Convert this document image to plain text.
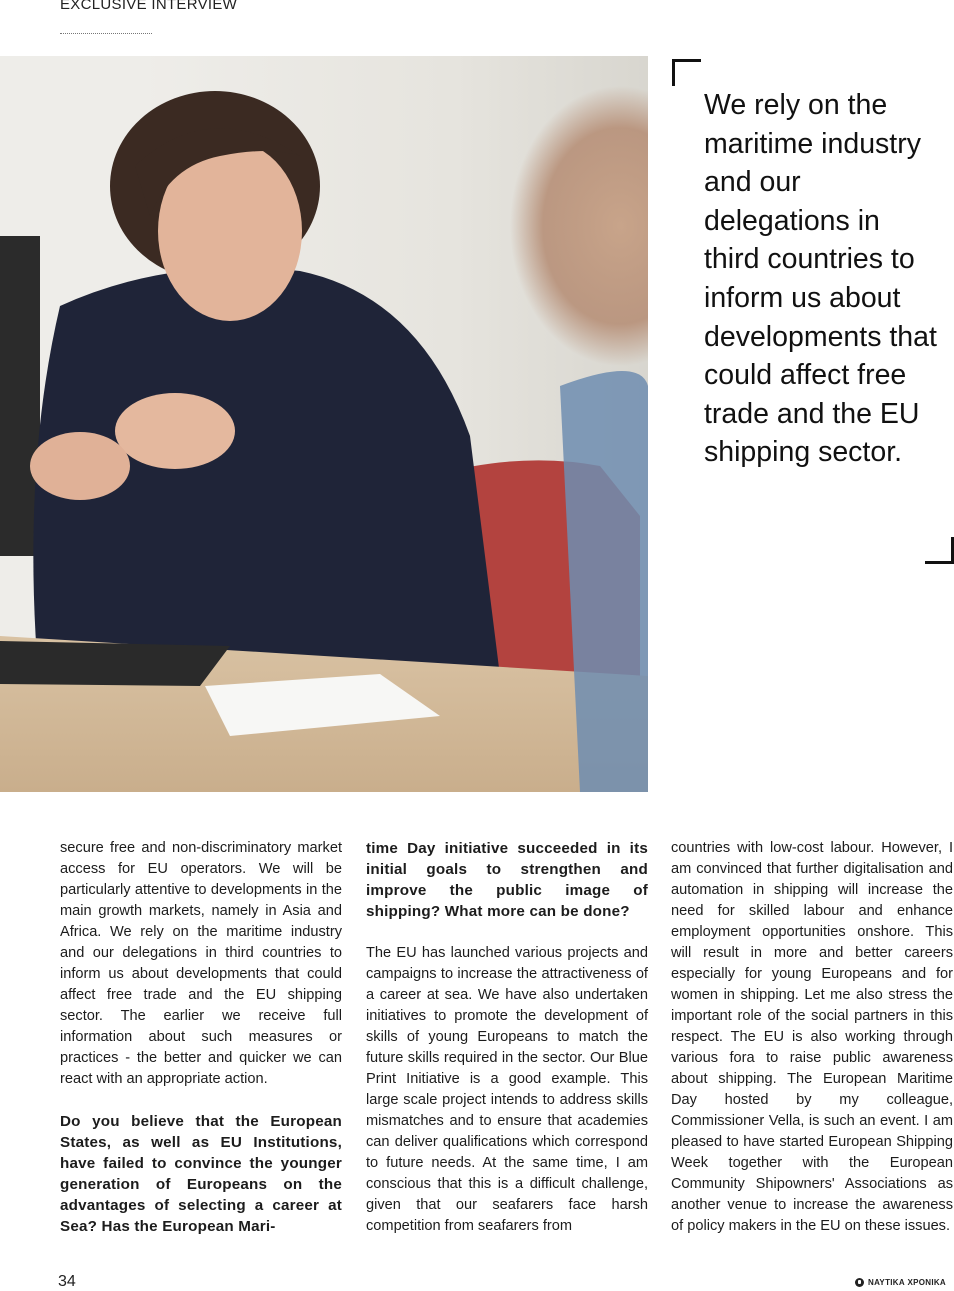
EXCLUSIVE INTERVIEW
We rely on the maritime industry and our delegations in third countries to inform us about developments that could affect free trade and the EU shipping sector.

secure free and non-discriminatory market access for EU operators. We will be particularly attentive to developments in the main growth markets, namely in Asia and Africa. We rely on the maritime industry and our delegations in third countries to inform us about developments that could affect free trade and the EU shipping sector. The earlier we receive full information about such measures or practices - the better and quicker we can react with an appropriate action.

Do you believe that the European States, as well as EU Institutions, have failed to convince the younger generation of Europeans on the advantages of selecting a career at Sea? Has the European Mari-

time Day initiative succeeded in its initial goals to strengthen and improve the public image of shipping? What more can be done?

The EU has launched various projects and campaigns to increase the attractiveness of a career at sea. We have also undertaken initiatives to promote the development of skills of young Europeans to match the future skills required in the sector. Our Blue Print Initiative is a good example. This large scale project intends to address skills mismatches and to ensure that academies can deliver qualifications which correspond to future needs. At the same time, I am conscious that this is a difficult challenge, given that our seafarers face harsh competition from seafarers from

countries with low-cost labour. However, I am convinced that further digitalisation and automation in shipping will increase the need for skilled labour and enhance employment opportunities onshore. This will result in more and better careers especially for young Europeans and for women in shipping. Let me also stress the important role of the social partners in this respect. The EU is also working through various fora to raise public awareness about shipping. The European Maritime Day hosted by my colleague, Commissioner Vella, is such an event. I am pleased to have started European Shipping Week together with the European Community Shipowners' Associations as another venue to increase the awareness of policy makers in the EU on these issues.

34	ΝΑΥΤΙΚΑ ΧΡΟΝΙΚΑ
